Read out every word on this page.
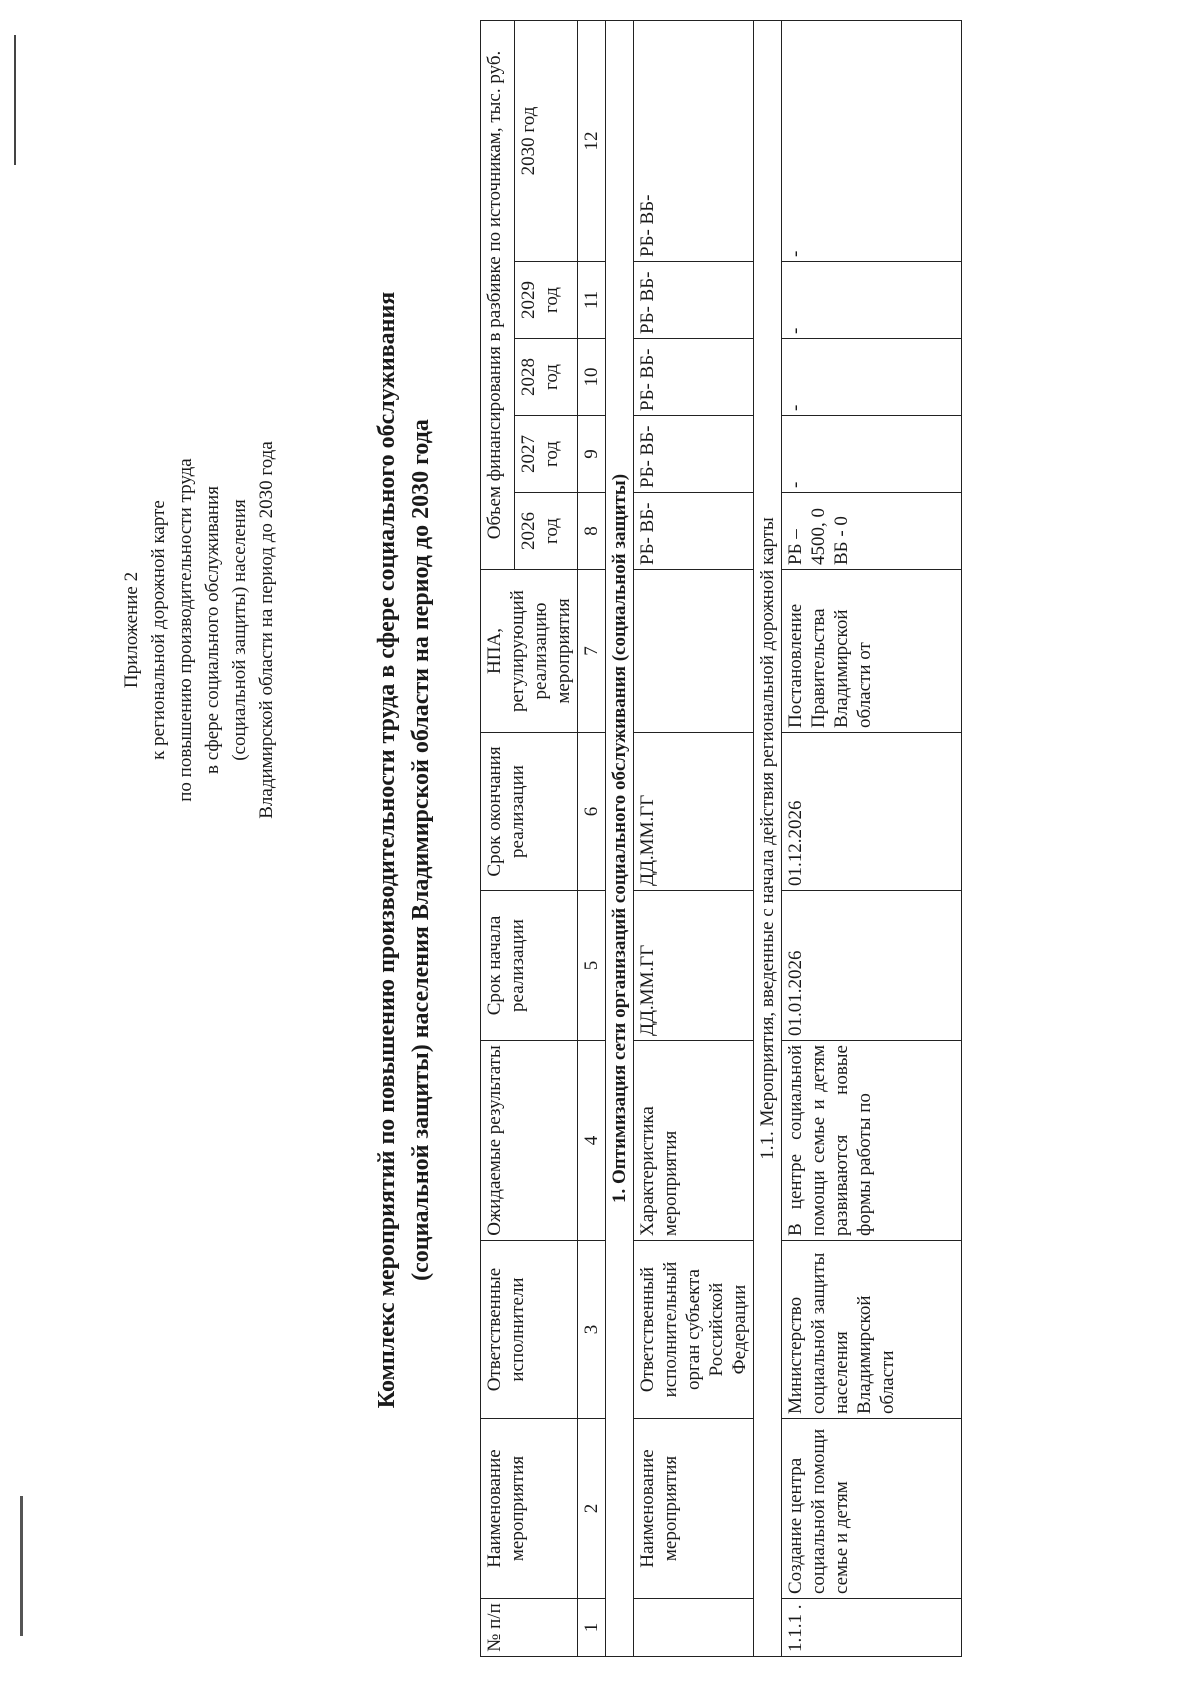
Приложение 2 к региональной дорожной карте по повышению производительности труда в сфере социального обслуживания (социальной защиты) населения Владимирской области на период до 2030 года	Комплекс мероприятий по повышению производительности труда в сфере социального обслуживания (социальной защиты) населения Владимирской области на период до 2030 года
№ п/п	Наименование мероприятия	Ответственные исполнители	Ожидаемые результаты	Срок начала реализации	Срок окончания реализации	НПА, регулирующий реализацию мероприятия	Объем финансирования в разбивке по источникам, тыс. руб.				
							2026 год	2027 год	2028 год	2029 год	2030 год
1	2	3	4	5	6	7	8	9	10	11	12
1. Оптимизация сети организаций социального обслуживания (социальной защиты)											
	Наименование мероприятия	Ответственный исполнительный орган субъекта Российской Федерации	Характеристика мероприятия	ДД.ММ.ГГ	ДД.ММ.ГГ		РБ- ВБ-	РБ- ВБ-	РБ- ВБ-	РБ- ВБ-	РБ- ВБ-
1.1. Мероприятия, введенные с начала действия региональной дорожной карты											
1.1.1 .	Создание центра социальной помощи семье и детям	Министерство социальной защиты населения Владимирской области	В центре социальной помощи семье и детям развиваются новые формы работы по	01.01.2026	01.12.2026	Постановление Правительства Владимирской области от	РБ – 4500, 0 ВБ - 0	-	-	-	-
